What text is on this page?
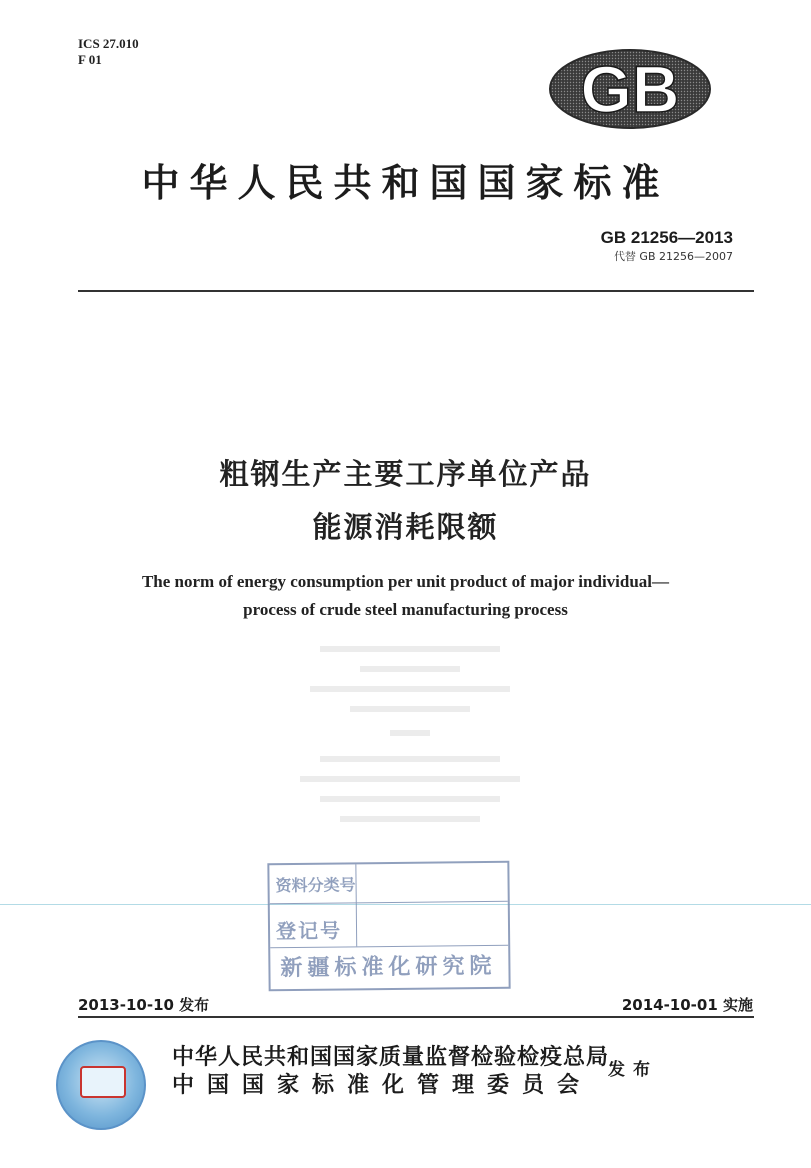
ICS 27.010
F 01	GB
中华人民共和国国家标准
GB 21256—2013
代替 GB 21256—2007
粗钢生产主要工序单位产品
能源消耗限额
The norm of energy consumption per unit product of major individual—
process of crude steel manufacturing process
资料分类号
登记号
新疆标准化研究院
2013-10-10 发布	2014-10-01 实施
中华人民共和国国家质量监督检验检疫总局
中国国家标准化管理委员会
发布
